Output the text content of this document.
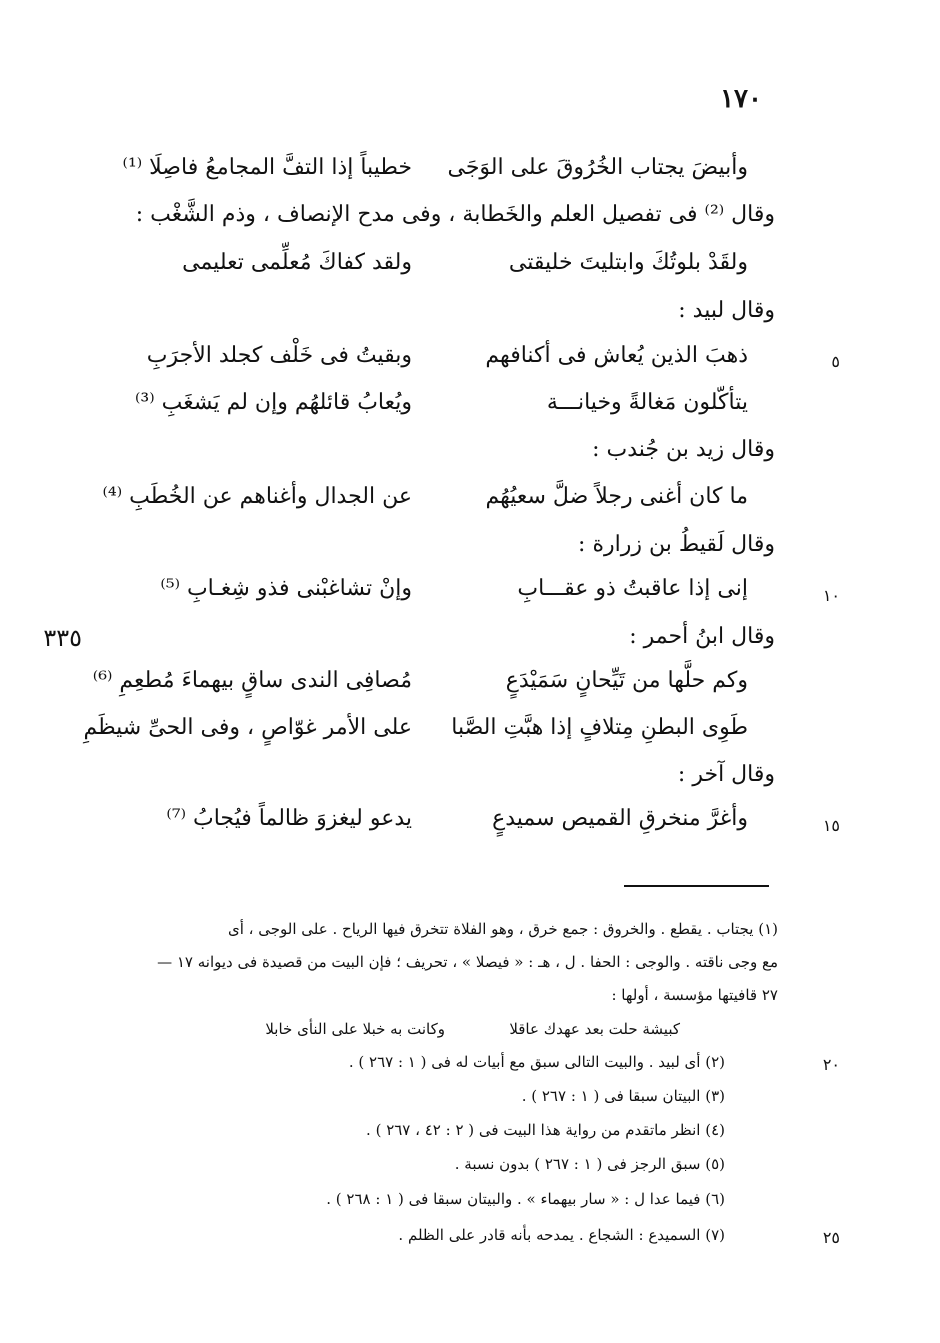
١٧٠
وأبيضَ يجتاب الخُرُوقَ على الوَجَى
خطيباً إذا التفَّ المجامعُ فاصِلَا ⁽¹⁾
وقال ⁽²⁾ فى تفصيل العلم والخَطابة ، وفى مدح الإنصاف ، وذم الشَّغْب :
ولقَدْ بلوتُكَ وابتليتَ خليقتى
ولقد كفاكَ مُعلِّمى تعليمى
وقال لبيد :
٥
ذهبَ الذين يُعاش فى أكنافهم
وبقيتُ فى خَلْف كجلد الأجرَبِ
يتأكّلون مَغالةً وخيانـــة
ويُعابُ قائلهُم وإن لم يَشغَبِ ⁽³⁾
وقال زيد بن جُندب :
ما كان أغنى رجلاً ضلَّ سعيُهُم
عن الجدال وأغناهم عن الخُطَبِ ⁽⁴⁾
وقال لَقيطُ بن زرارة :
١٠
إنى إذا عاقبتُ ذو عقـــابِ
وإنْ تشاغبْنى فذو شِغـابِ ⁽⁵⁾
٣٣٥	وقال ابنُ أحمر :
وكم حلَّها من تَيِّحانٍ سَمَيْدَعٍ
مُصافِى الندى ساقٍ بيهماءَ مُطعِمِ ⁽⁶⁾
طَوِى البطنِ مِتلافٍ إذا هبَّتِ الصَّبا
على الأمر غوّاصٍ ، وفى الحىِّ شيظَمِ
وقال آخر :
١٥
وأغرَّ منخرقِ القميص سميدعٍ
يدعو ليغزوَ ظالماً فيُجابُ ⁽⁷⁾
(١) يجتاب . يقطع . والخروق : جمع خرق ، وهو الفلاة تتخرق فيها الرياح . على الوجى ، أى
مع وجى ناقته . والوجى : الحفا . ل ، هـ : « فيصلا » ، تحريف ؛ فإن البيت من قصيدة فى ديوانه ١٧ —
٢٧ قافيتها مؤسسة ، أولها :
كبيشة حلت بعد عهدك عاقلا
وكانت به خبلا على النأى خابلا
٢٠
(٢) أى لبيد . والبيت التالى سبق مع أبيات له فى ( ١ : ٢٦٧ ) .
(٣) البيتان سبقا فى ( ١ : ٢٦٧ ) .
(٤) انظر ماتقدم من رواية هذا البيت فى ( ٢ : ٤٢ ، ٢٦٧ ) .
(٥) سبق الرجز فى ( ١ : ٢٦٧ ) بدون نسبة .
(٦) فيما عدا ل : « سار بيهماء » . والبيتان سبقا فى ( ١ : ٢٦٨ ) .
٢٥
(٧) السميدع : الشجاع . يمدحه بأنه قادر على الظلم .
